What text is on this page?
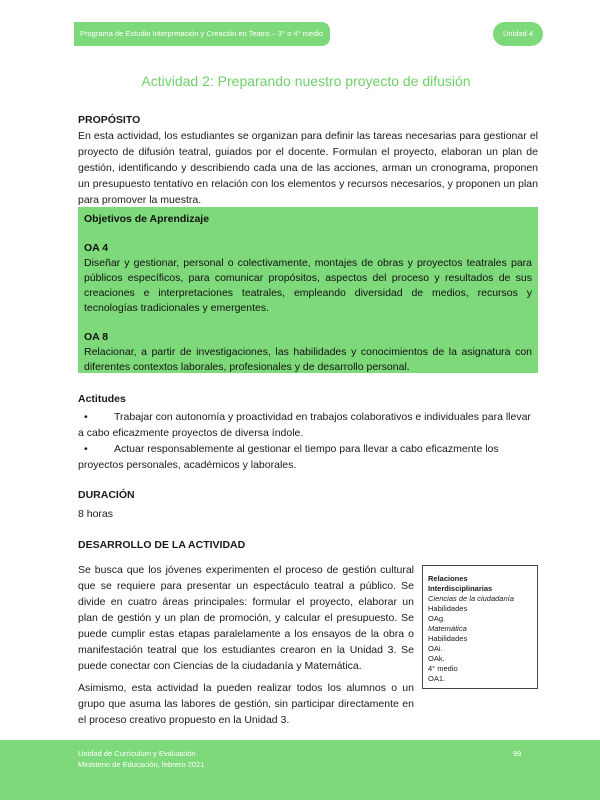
Programa de Estudio Interpretación y Creación en Teatro – 3° o 4° medio	Unidad 4
Actividad 2: Preparando nuestro proyecto de difusión
PROPÓSITO

En esta actividad, los estudiantes se organizan para definir las tareas necesarias para gestionar el proyecto de difusión teatral, guiados por el docente. Formulan el proyecto, elaboran un plan de gestión, identificando y describiendo cada una de las acciones, arman un cronograma, proponen un presupuesto tentativo en relación con los elementos y recursos necesarios, y proponen un plan para promover la muestra.

Objetivos de Aprendizaje
OA 4

Diseñar y gestionar, personal o colectivamente, montajes de obras y proyectos teatrales para públicos específicos, para comunicar propósitos, aspectos del proceso y resultados de sus creaciones e interpretaciones teatrales, empleando diversidad de medios, recursos y tecnologías tradicionales y emergentes.

OA 8

Relacionar, a partir de investigaciones, las habilidades y conocimientos de la asignatura con diferentes contextos laborales, profesionales y de desarrollo personal.

Actitudes
•	Trabajar con autonomía y proactividad en trabajos colaborativos e individuales para llevar a cabo eficazmente proyectos de diversa índole.
•	Actuar responsablemente al gestionar el tiempo para llevar a cabo eficazmente los proyectos personales, académicos y laborales.
DURACIÓN
8 horas
DESARROLLO DE LA ACTIVIDAD

Se busca que los jóvenes experimenten el proceso de gestión cultural que se requiere para presentar un espectáculo teatral a público. Se divide en cuatro áreas principales: formular el proyecto, elaborar un plan de gestión y un plan de promoción, y calcular el presupuesto. Se puede cumplir estas etapas paralelamente a los ensayos de la obra o manifestación teatral que los estudiantes crearon en la Unidad 3. Se puede conectar con Ciencias de la ciudadanía y Matemática.

Asimismo, esta actividad la pueden realizar todos los alumnos o un grupo que asuma las labores de gestión, sin participar directamente en el proceso creativo propuesto en la Unidad 3.

Relaciones
Interdisciplinarias
Ciencias de la ciudadanía
Habilidades
OAg.
Matemática
Habilidades
OAi.
OAk.
4° medio
OA1.
Unidad de Currículum y Evaluación
Ministerio de Educación, febrero 2021
99
